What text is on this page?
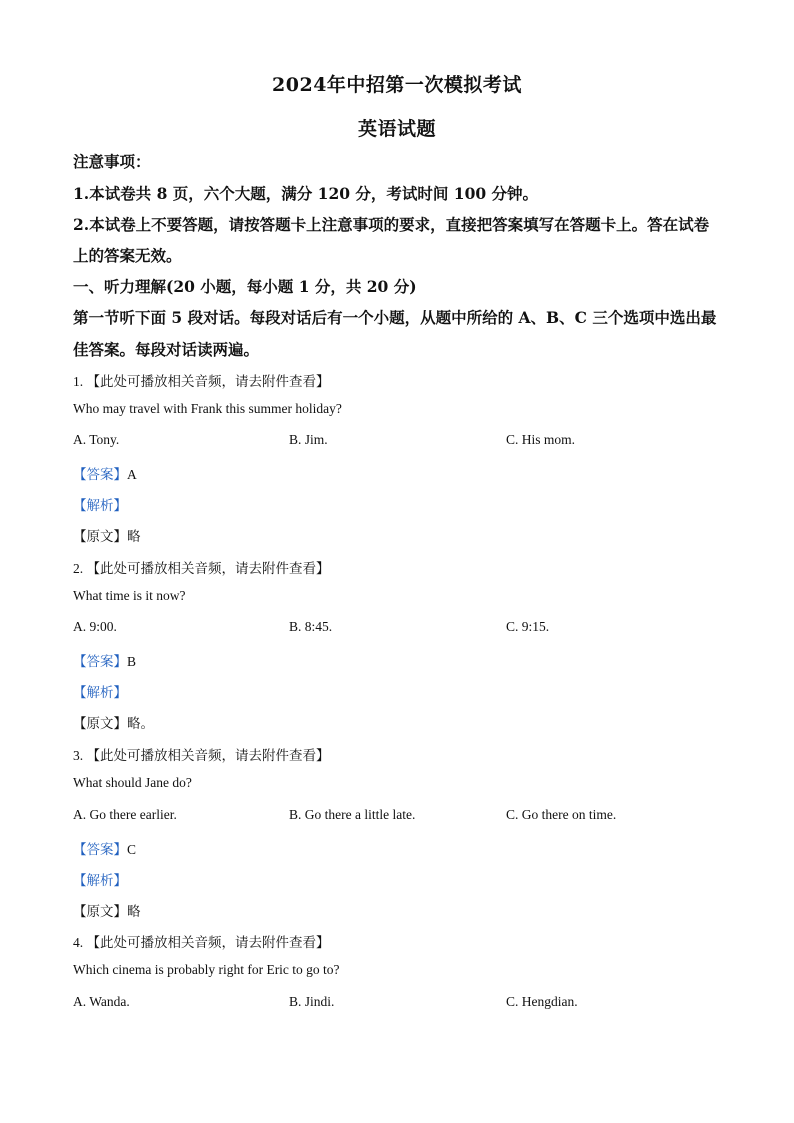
2024年中招第一次模拟考试
英语试题
注意事项：
1.本试卷共 8 页，六个大题，满分 120 分，考试时间 100 分钟。
2.本试卷上不要答题，请按答题卡上注意事项的要求，直接把答案填写在答题卡上。答在试卷
上的答案无效。
一、听力理解(20 小题，每小题 1 分，共 20 分)
第一节听下面 5 段对话。每段对话后有一个小题，从题中所给的 A、B、C 三个选项中选出最
佳答案。每段对话读两遍。
1. 【此处可播放相关音频，请去附件查看】
Who may travel with Frank this summer holiday?
A. Tony.	B. Jim.	C. His mom.
【答案】A
【解析】
【原文】略
2. 【此处可播放相关音频，请去附件查看】
What time is it now?
A. 9:00.	B. 8:45.	C. 9:15.
【答案】B
【解析】
【原文】略。
3. 【此处可播放相关音频，请去附件查看】
What should Jane do?
A. Go there earlier.	B. Go there a little late.	C. Go there on time.
【答案】C
【解析】
【原文】略
4. 【此处可播放相关音频，请去附件查看】
Which cinema is probably right for Eric to go to?
A. Wanda.	B. Jindi.	C. Hengdian.
